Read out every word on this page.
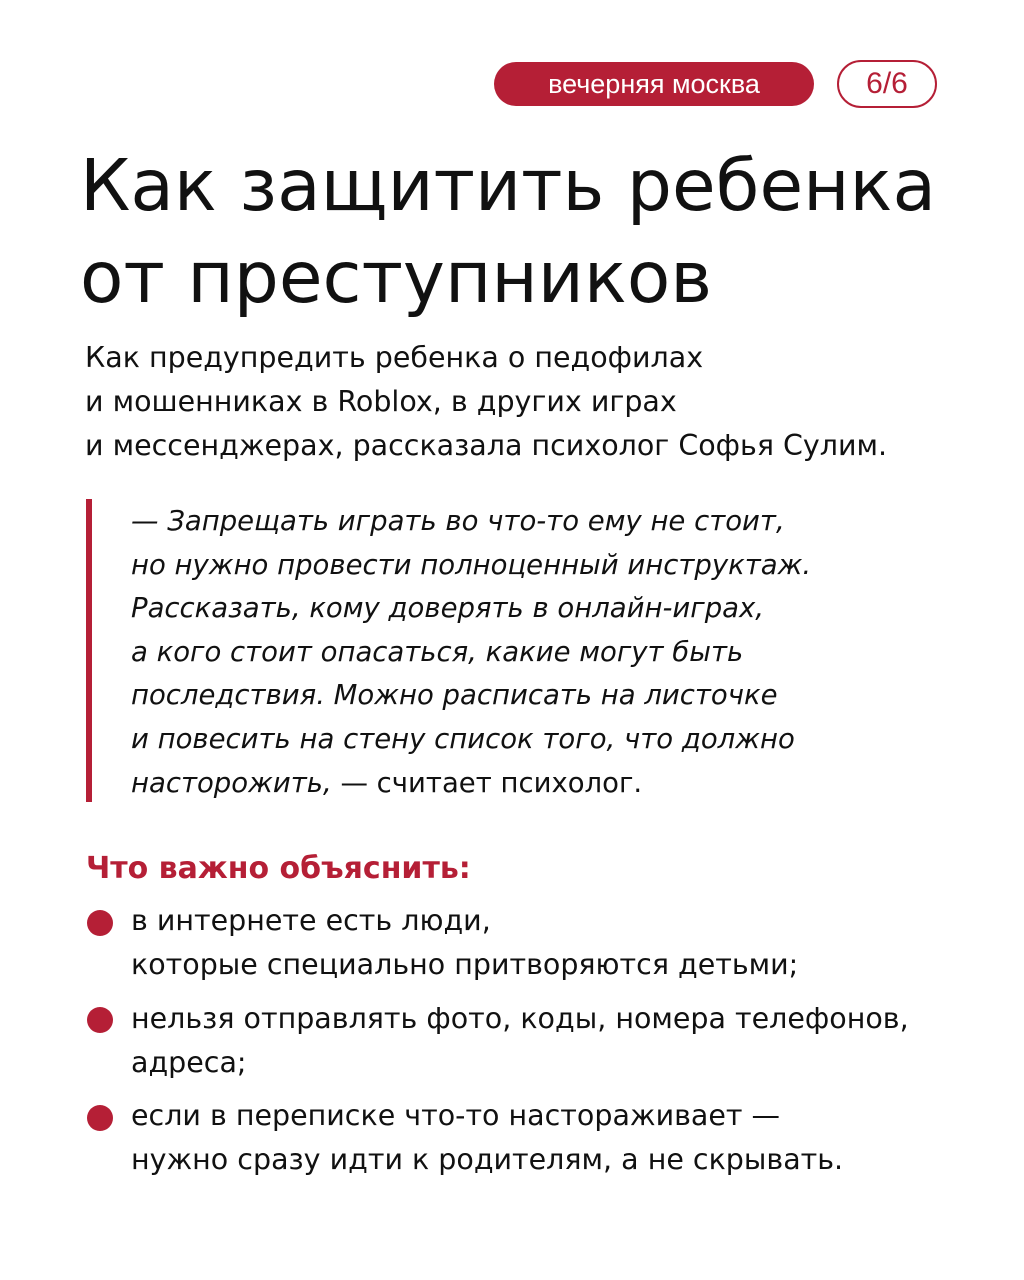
вечерняя москва	6/6
Как защитить ребенка
от преступников

Как предупредить ребенка о педофилах
и мошенниках в Roblox, в других играх
и мессенджерах, рассказала психолог Софья Сулим.

— Запрещать играть во что-то ему не стоит,
но нужно провести полноценный инструктаж.
Рассказать, кому доверять в онлайн-играх,
а кого стоит опасаться, какие могут быть
последствия. Можно расписать на листочке
и повесить на стену список того, что должно
насторожить, — считает психолог.
Что важно объяснить:
в интернете есть люди,
которые специально притворяются детьми;
нельзя отправлять фото, коды, номера телефонов,
адреса;
если в переписке что-то настораживает —
нужно сразу идти к родителям, а не скрывать.
